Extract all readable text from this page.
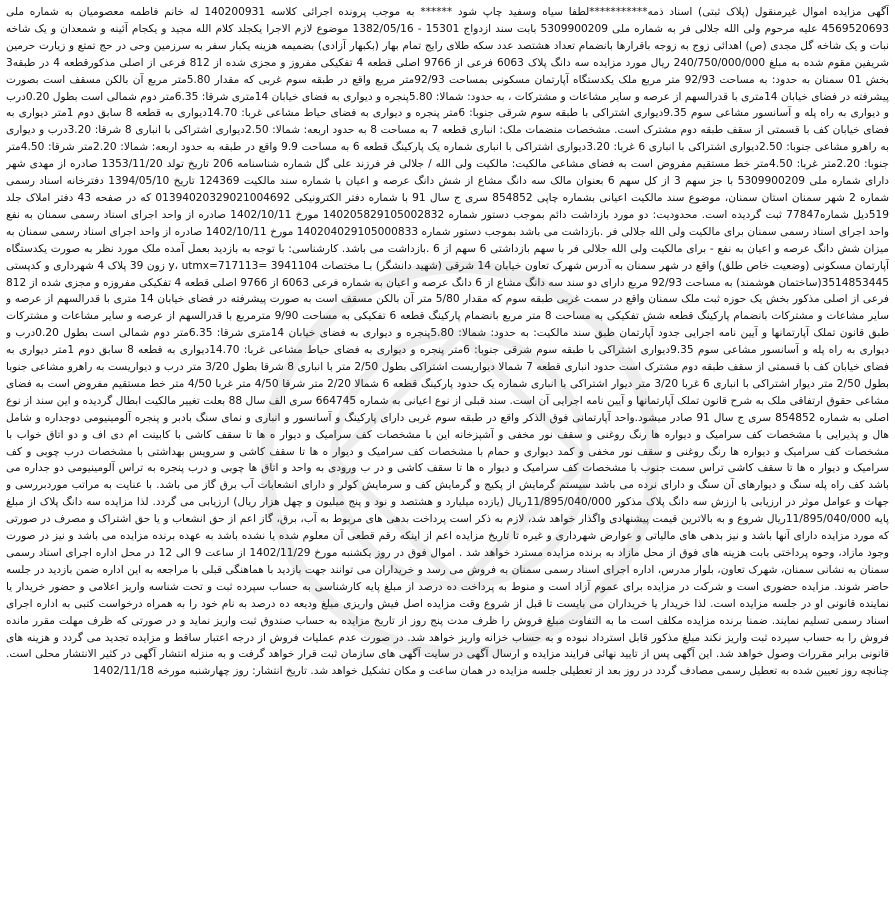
آگهی مزایده اموال غیرمنقول (پلاک ثبتی) اسناد ذمه***********لطفا سیاه وسفید چاپ شود ****** به موجب پرونده اجرائی کلاسه 140200931 له خانم فاطمه معصومیان به شماره ملی 4569520693 علیه مرحوم ولی الله جلالی فر به شماره ملی 5309900209 بابت سند ازدواج 15301 - 1382/05/16 موضوع لازم الاجرا یکجلد کلام الله مجید و یکجام آئینه و شمعدان و یک شاخه نبات و یک شاخه گل مجدی (ص) اهدائی زوج به زوجه باقرارها بانضمام تعداد هشتصد عدد سکه طلای رایج تمام بهار (بکبهار آزادی) بضمیمه هزینه یکبار سفر به سرزمین وحی در حج تمتع و زیارت حرمین شریفین مقوم شده به مبلغ 240/750/000/000 ریال مورد مزایده سه دانگ پلاک 6063 فرعی از 9766 اصلی قطعه 4 تفکیکی مفروز و مجزی شده از 812 فرعی از اصلی مذکورقطعه 4 در طبقه3 بخش 01 سمنان به حدود: به مساحت 92/93 متر مربع ملک یکدستگاه آپارتمان مسکونی بمساحت 92/93متر مربع واقع در طبقه سوم غربی که مقدار 5.80متر مربع آن بالکن مسقف است بصورت پیشرفته در فضای خیابان 14متری با قدرالسهم از عرصه و سایر مشاعات و مشترکات ، به حدود: شمالا: 5.80پنجره و دیواری به فضای خیابان 14متری شرقا: 6.35متر دوم شمالی است بطول 0.20درب و دیواری به راه پله و آسانسور مشاعی سوم 9.35دیواری اشتراکی با طبقه سوم شرقی جنوبا: 6متر پنجره و دیواری به فضای حیاط مشاعی غربا: 14.70دیواری به قطعه 8 سابق دوم 1متر دیواری به فضای خیابان کف با قسمتی از سقف طبقه دوم مشترک است. مشخصات منضمات ملک: انباری قطعه 7 به مساحت 8 به حدود اربعه: شمالا: 2.50دیواری اشتراکی با انباری 8 شرقا: 3.20درب و دیواری به راهرو مشاعی جنوبا: 2.50دیواری اشتراکی با انباری 6 غربا: 3.20دیواری اشتراکی با انباری شماره یک پارکینگ قطعه 6 به مساحت 9.9 واقع در طبقه به حدود اربعه: شمالا: 2.20متر شرقا: 4.50متر جنوبا: 2.20متر غربا: 4.50متر خط مستقیم مفروض است به فضای مشاعی مالکیت: مالکیت ولی الله / جلالی فر فرزند علی گل شماره شناسنامه 206 تاریخ تولد 1353/11/20 صادره از مهدی شهر دارای شماره ملی 5309900209 با جز سهم 3 از کل سهم 6 بعنوان مالک سه دانگ مشاع از شش دانگ عرصه و اعیان با شماره سند مالکیت 124369 تاریخ 1394/05/10 دفترخانه اسناد رسمی شماره 2 شهر سمنان استان سمنان، موضوع سند مالکیت اعیانی بشماره چاپی 854852 سری ج سال 91 با شماره دفتر الکترونیکی 01394020329021004692 که در صفحه 43 دفتر املاک جلد 519دیل شماره77847 ثبت گردیده است. محدودیت: دو مورد بازداشت دائم بموجب دستور شماره 140205829105002832 مورخ 1402/10/11 صادره از واحد اجرای اسناد رسمی سمنان به نفع واحد اجرای اسناد رسمی سمنان برای مالکیت ولی الله جلالی فر .بازداشت می باشد بموجب دستور شماره 140204029105000833 مورخ 1402/10/11 صادره از واحد اجرای اسناد رسمی سمنان به میزان شش دانگ عرصه و اعیان به نفع - برای مالکیت ولی الله جلالی فر با سهم بازداشتی 6 سهم از 6 .بازداشت می باشد. کارشناسی: با توجه به بازدید بعمل آمده ملک مورد نظر به صورت یکدستگاه آپارتمان مسکونی (وضعیت خاص طلق) واقع در شهر سمنان به آدرس شهرک تعاون خیابان 14 شرقی (شهید دانشگر) بـا مختصات 3941104 =y، utmx=717113 زون 39 پلاک 4 شهرداری و کدپستی 3514853445(ساختمان هوشمند) به مساحت 92/93 مربع دارای دو سند سه دانگ مشاع از 6 دانگ عرصه و اعیان به شماره فرعی 6063 از 9766 اصلی قطعه 4 تفکیکی مفروزه و مجزی شده از 812 فرعی از اصلی مذکور بخش یک حوزه ثبت ملک سمنان واقع در سمت غربی طبقه سوم که مقدار 5/80 متر آن بالکن مسقف است به صورت پیشرفته در فضای خیابان 14 متری با قدرالسهم از عرصه و سایر مشاعات و مشترکات بانضمام پارکینگ قطعه شش تفکیکی به مساحت 8 متر مربع بانضمام پارکینگ قطعه 6 تفکیکی به مساحت 9/90 مترمربع با قدرالسهم از عرصه و سایر مشاعات و مشترکات طبق قانون تملک آپارتمانها و آیین نامه اجرایی جدود آپارتمان طبق سند مالکیت: به حدود: شمالا: 5.80پنجره و دیواری به فضای خیابان 14متری شرقا: 6.35متر دوم شمالی است بطول 0.20درب و دیواری به راه پله و آسانسور مشاعی سوم 9.35دیواری اشتراکی با طبقه سوم شرقی جنوبا: 6متر پنجره و دیواری به فضای حیاط مشاعی غربا: 14.70دیواری به قطعه 8 سابق دوم 1متر دیواری به فضای خیابان کف با قسمتی از سقف طبقه دوم مشترک است حدود انباری قطعه 7 شمالا دیواریست اشتراکی بطول 2/50 متر با انباری 8 شرقا بطول 3/20 متر درب و دیواریست به راهرو مشاعی جنوبا بطول 2/50 متر دیوار اشتراکی با انباری 6 غربا 3/20 متر دیوار اشتراکی با انباری شماره یک حدود پارکینگ قطعه 6 شمالا 2/20 متر شرقا 4/50 متر غربا 4/50 متر خط مستقیم مفروض است به فضای مشاعی حقوق ارتفاقی ملک به شرح قانون تملک آپارتمانها و آیین نامه اجرایی آن است. سند قبلی از نوع اعیانی به شماره 664745 سری الف سال 88 بعلت تغییر مالکیت ابطال گردیده و این سند از نوع اصلی به شماره 854852 سری ج سال 91 صادر میشود.واحد آپارتمانی فوق الذکر واقع در طبقه سوم غربی دارای پارکینگ و آسانسور و انباری و نمای سنگ بادبر و پنجره آلومینیومی دوجداره و شامل هال و پذیرایی با مشخصات کف سرامیک و دیواره ها رنگ روغنی و سقف نور مخفی و آشپزخانه این با مشخصات کف سرامیک و دیوار ه ها تا سقف کاشی با کابینت ام دی اف و دو اتاق خواب با مشخصات کف سرامیک و دیواره ها رنگ روغنی و سقف نور مخفی و کمد دیواری و حمام با مشخصات کف سرامیک و دیوار ه ها تا سقف کاشی و سرویس بهداشتی با مشخصات درب چوبی و کف سرامیک و دیوار ه ها تا سقف کاشی تراس سمت جنوب با مشخصات کف سرامیک و دیوار ه ها تا سقف کاشی و در ب ورودی به واحد و اتاق ها چوبی و درب پنجره به تراس آلومینیومی دو جداره می باشد کف راه پله سنگ و دیوارهای آن سنگ و دارای نرده می باشد سیستم گرمایش از پکیج و گرمایش کف و سرمایش کولر و دارای انشعابات آب برق گاز می باشد. با عنایت به مراتب موردبررسی و جهات و عوامل موثر در ارزیابی با ارزش سه دانگ پلاک مذکور 11/895/040/000ریال (یازده میلیارد و هشتصد و نود و پنج میلیون و چهل هزار ریال) ارزیابی می گردد. لذا مزایده سه دانگ پلاک از مبلغ پایه 11/895/040/000ریال شروع و به بالاترین قیمت پیشنهادی واگذار خواهد شد، لازم به ذکر است پرداخت بدهی های مربوط به آب، برق، گاز اعم از حق انشعاب و یا حق اشتراک و مصرف در صورتی که مورد مزایده دارای آنها باشد و نیز بدهی های مالیاتی و عوارض شهرداری و غیره تا تاریخ مزایده اعم از اینکه رقم قطعی آن معلوم شده یا نشده باشد به عهده برنده مزایده می باشد و نیز در صورت وجود مازاد، وجوه پرداختی بابت هزینه های فوق از محل مازاد به برنده مزایده مسترد خواهد شد . اموال فوق در روز یکشنبه مورخ 1402/11/29 از ساعت 9 الی 12 در محل اداره اجرای اسناد رسمی سمنان به نشانی سمنان، شهرک تعاون، بلوار مدرس، اداره اجرای اسناد رسمی سمنان به فروش می رسد و خریداران می توانند جهت بازدید با هماهنگی قبلی با مراجعه به این اداره ضمن بازدید در جلسه حاضر شوند. مزایده حضوری است و شرکت در مزایده برای عموم آزاد است و منوط به پرداخت ده درصد از مبلغ پایه کارشناسی به حساب سپرده ثبت و تحت شناسه واریز اعلامی و حضور خریدار یا نماینده قانونی او در جلسه مزایده است. لذا خریدار یا خریداران می بایست تا قبل از شروع وقت مزایده اصل فیش واریزی مبلغ ودیعه ده درصد به نام خود را به همراه درخواست کتبی به اداره اجرای اسناد رسمی تسلیم نمایند. ضمنا برنده مزایده مکلف است ما به التفاوت مبلغ فروش را ظرف مدت پنج روز از تاریخ مزایده به حساب صندوق ثبت واریز نماید و در صورتی که ظرف مهلت مقرر مانده فروش را به حساب سپرده ثبت واریز نکند مبلغ مذکور قابل استرداد نبوده و به حساب خزانه واریز خواهد شد. در صورت عدم عملیات فروش از درجه اعتبار ساقط و مزایده تجدید می گردد و هزینه های قانونی برابر مقررات وصول خواهد شد. این آگهی پس از تایید نهائی فرایند مزایده و ارسال آگهی در سایت آگهی های سازمان ثبت قرار خواهد گرفت و به منزله انتشار آگهی در کثیر الانتشار محلی است. چنانچه روز تعیین شده به تعطیل رسمی مصادف گردد در روز بعد از تعطیلی جلسه مزایده در همان ساعت و مکان تشکیل خواهد شد. تاریخ انتشار: روز چهارشنبه مورخه 1402/11/18
